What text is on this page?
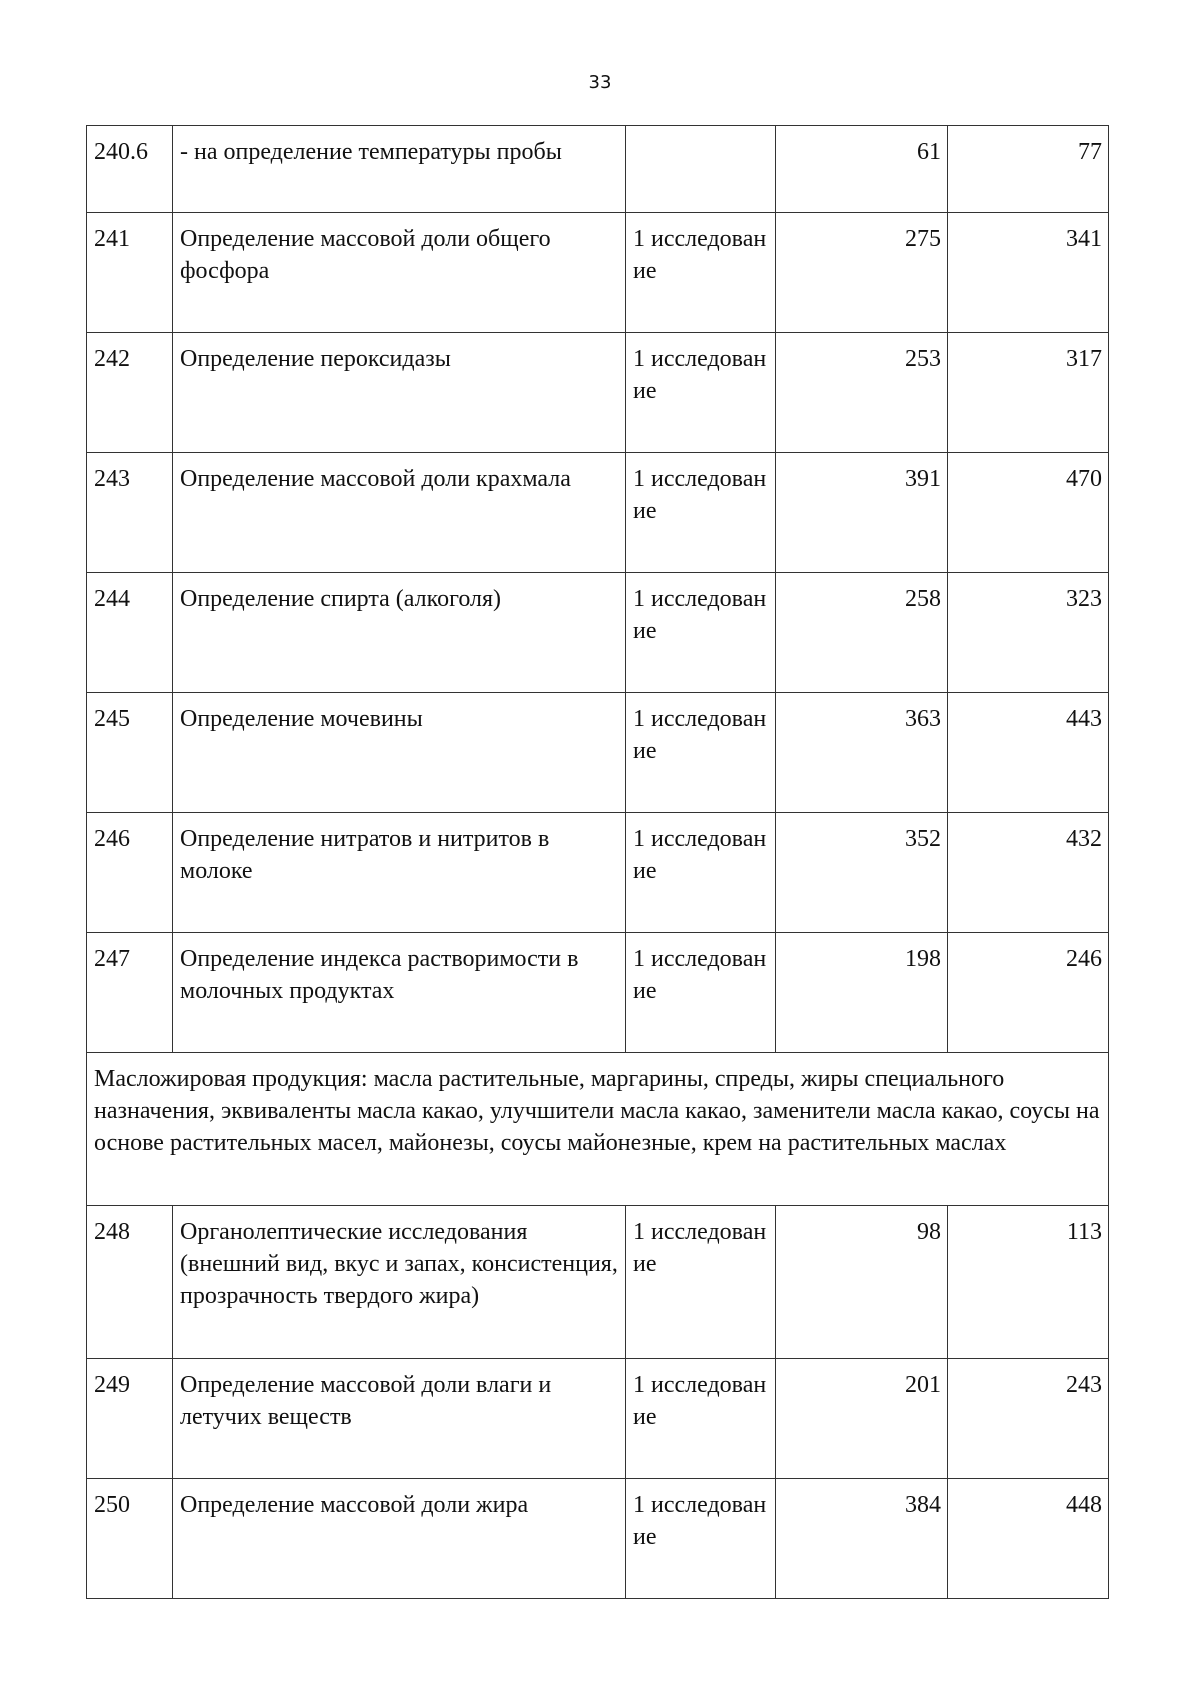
33
240.6	- на определение температуры пробы		61	77
241	Определение массовой доли общего фосфора	1 исследование	275	341
242	Определение пероксидазы	1 исследование	253	317
243	Определение массовой доли крахмала	1 исследование	391	470
244	Определение спирта (алкоголя)	1 исследование	258	323
245	Определение мочевины	1 исследование	363	443
246	Определение нитратов и нитритов в молоке	1 исследование	352	432
247	Определение индекса растворимости в молочных продуктах	1 исследование	198	246
Масложировая продукция: масла растительные, маргарины, спреды, жиры специального назначения, эквиваленты масла какао, улучшители масла какао, заменители масла какао, соусы на основе растительных масел, майонезы, соусы майонезные, крем на растительных маслах				
248	Органолептические исследования (внешний вид, вкус и запах, консистенция, прозрачность твердого жира)	1 исследование	98	113
249	Определение массовой доли влаги и летучих веществ	1 исследование	201	243
250	Определение массовой доли жира	1 исследование	384	448
